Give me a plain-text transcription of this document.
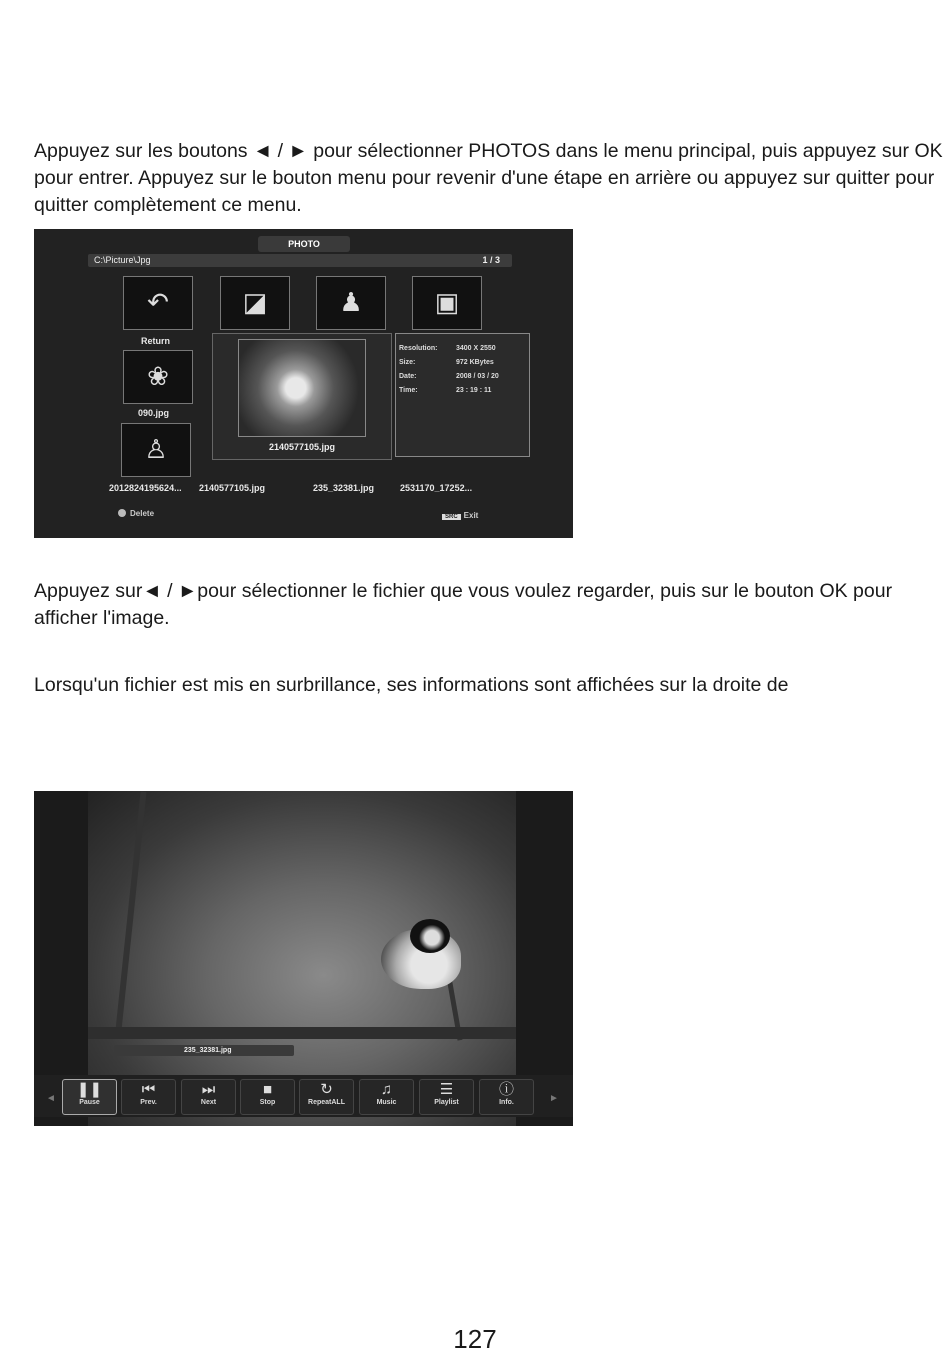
Appuyez sur les boutons ◄ / ► pour sélectionner PHOTOS dans le menu principal, puis appuyez sur OK pour entrer. Appuyez sur le bouton menu pour revenir d'une étape en arrière ou appuyez sur quitter pour quitter complètement ce menu.

PHOTO
C:\Picture\Jpg	1 / 3
↶
Return
◪	♟	▣
❀
090.jpg
♙
2012824195624... 2140577105.jpg	235_32381.jpg	2531170_17252...
2140577105.jpg
Resolution:	3400 X 2550
Size:	972 KBytes
Date:	2008 / 03 / 20
Time:	23 : 19 : 11
Delete	SRC Exit

Appuyez sur◄ / ►pour sélectionner le fichier que vous voulez regarder, puis sur le bouton OK pour afficher l'image.

Lorsqu'un fichier est mis en surbrillance, ses informations sont affichées sur la droite de

235_32381.jpg
◄
❚❚
Pause
⏮
Prev.
⏭
Next
■
Stop
↻
RepeatALL
♫
Music
☰
Playlist
ⓘ
Info.	►
127
